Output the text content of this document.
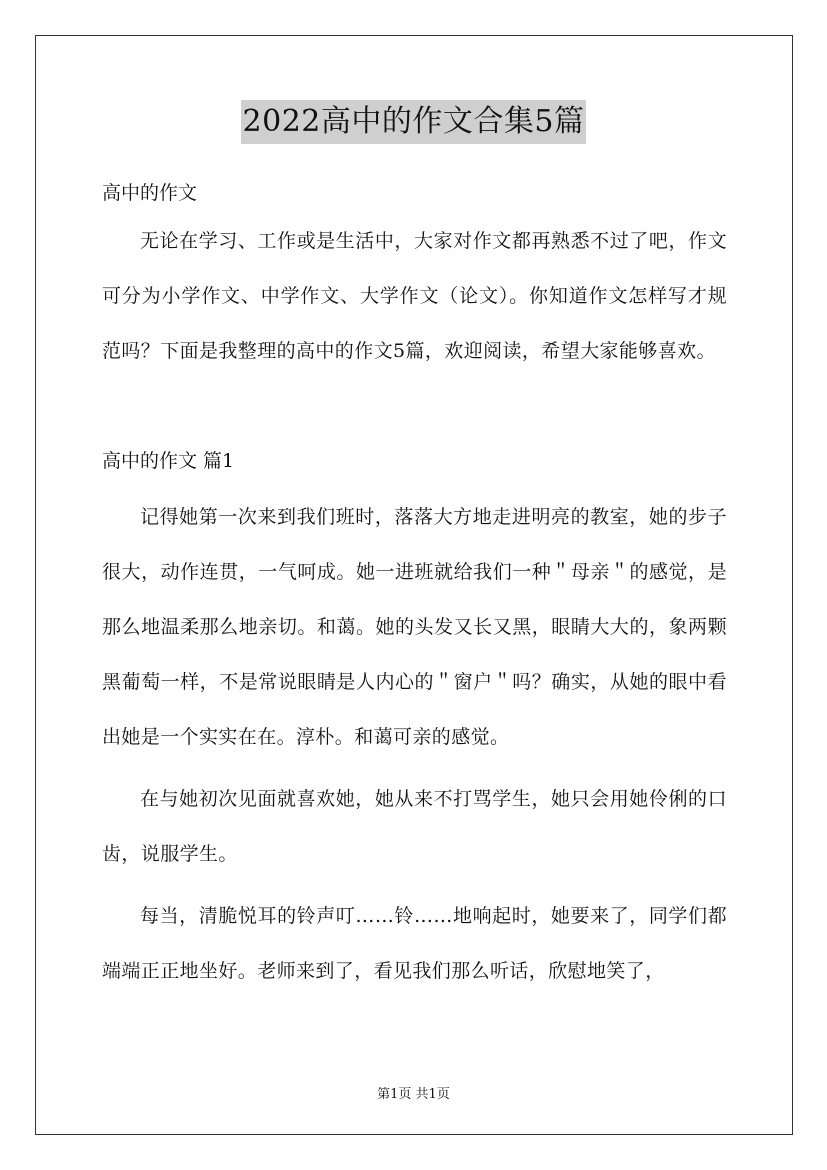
2022高中的作文合集5篇

高中的作文

无论在学习、工作或是生活中，大家对作文都再熟悉不过了吧，作文可分为小学作文、中学作文、大学作文（论文）。你知道作文怎样写才规范吗？下面是我整理的高中的作文5篇，欢迎阅读，希望大家能够喜欢。

高中的作文 篇1

记得她第一次来到我们班时，落落大方地走进明亮的教室，她的步子很大，动作连贯，一气呵成。她一进班就给我们一种＂母亲＂的感觉，是那么地温柔那么地亲切。和蔼。她的头发又长又黑，眼睛大大的，象两颗黑葡萄一样，不是常说眼睛是人内心的＂窗户＂吗？确实，从她的眼中看出她是一个实实在在。淳朴。和蔼可亲的感觉。

在与她初次见面就喜欢她，她从来不打骂学生，她只会用她伶俐的口齿，说服学生。

每当，清脆悦耳的铃声叮……铃……地响起时，她要来了，同学们都端端正正地坐好。老师来到了，看见我们那么听话，欣慰地笑了，

第1页 共1页
